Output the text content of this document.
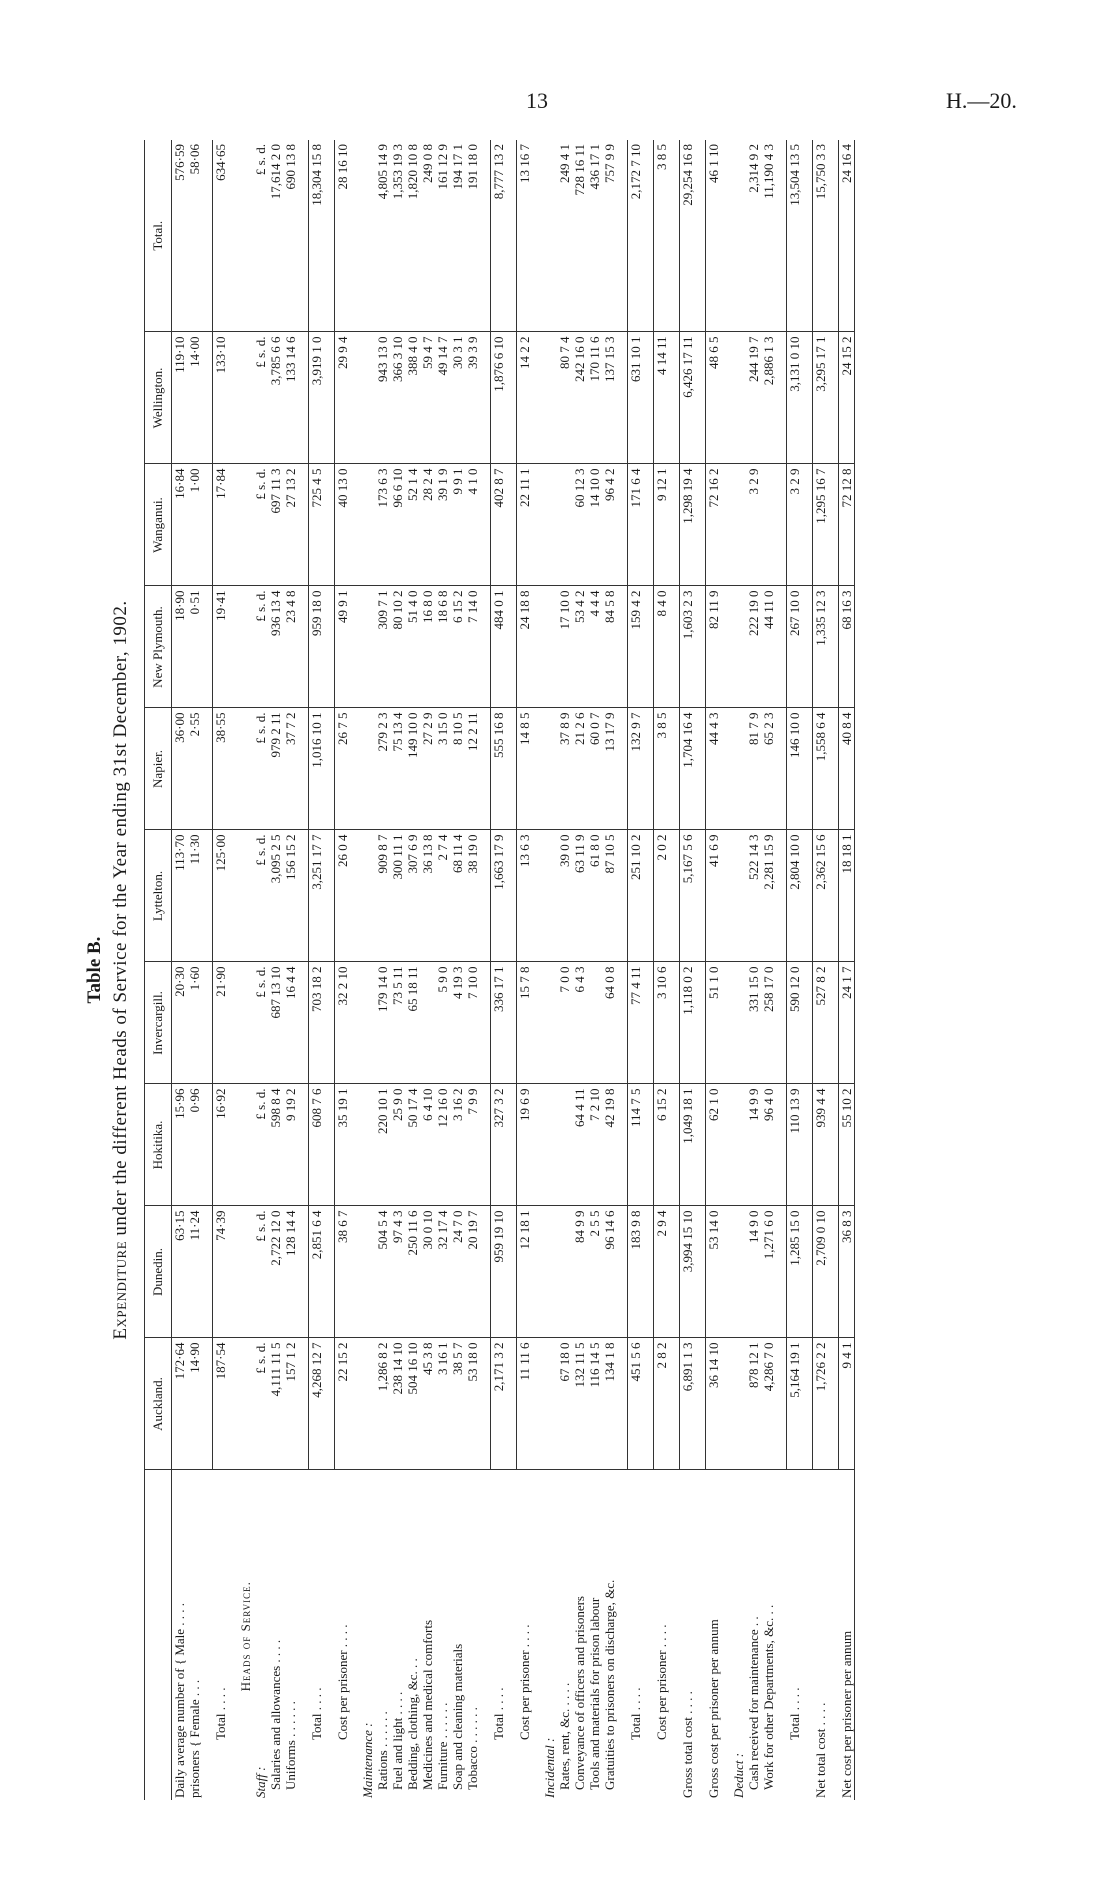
13	H.—20.
Table B.
Expenditure under the different Heads of Service for the Year ending 31st December, 1902.
	Auckland.	Dunedin.	Hokitika.	Invercargill.	Lyttelton.	Napier.	New Plymouth.	Wanganui.	Wellington.	Total.
Daily average number of { Male . . . .	172·64	63·15	15·96	20·30	113·70	36·00	18·90	16·84	119·10	576·59
prisoners { Female . . .	14·90	11·24	0·96	1·60	11·30	2·55	0·51	1·00	14·00	58·06

Total . . . .	187·54	74·39	16·92	21·90	125·00	38·55	19·41	17·84	133·10	634·65

Heads of Service.										
Staff :	£ s. d.	£ s. d.	£ s. d.	£ s. d.	£ s. d.	£ s. d.	£ s. d.	£ s. d.	£ s. d.	£ s. d.
Salaries and allowances . . . .	4,111 11 5	2,722 12 0	598 8 4	687 13 10	3,095 2 5	979 2 11	936 13 4	697 11 3	3,785 6 6	17,614 2 0
Uniforms . . . . . .	157 1 2	128 14 4	9 19 2	16 4 4	156 15 2	37 7 2	23 4 8	27 13 2	133 14 6	690 13 8

Total . . . .	4,268 12 7	2,851 6 4	608 7 6	703 18 2	3,251 17 7	1,016 10 1	959 18 0	725 4 5	3,919 1 0	18,304 15 8

Cost per prisoner . . . .	22 15 2	38 6 7	35 19 1	32 2 10	26 0 4	26 7 5	49 9 1	40 13 0	29 9 4	28 16 10

Maintenance :										
Rations . . . . . .	1,286 8 2	504 5 4	220 10 1	179 14 0	909 8 7	279 2 3	309 7 1	173 6 3	943 13 0	4,805 14 9
Fuel and light . . . .	238 14 10	97 4 3	25 9 0	73 5 11	300 11 1	75 13 4	80 10 2	96 6 10	366 3 10	1,353 19 3
Bedding, clothing, &c. . .	504 16 10	250 11 6	50 17 4	65 18 11	307 6 9	149 10 0	51 4 0	52 1 4	388 4 0	1,820 10 8
Medicines and medical comforts	45 3 8	30 0 10	6 4 10		36 13 8	27 2 9	16 8 0	28 2 4	59 4 7	249 0 8
Furniture . . . . . .	3 16 1	32 17 4	12 16 0	5 9 0	2 7 4	3 15 0	18 6 8	39 1 9	49 14 7	161 12 9
Soap and cleaning materials	38 5 7	24 7 0	3 16 2	4 19 3	68 11 4	8 10 5	6 15 2	9 9 1	30 3 1	194 17 1
Tobacco . . . . . .	53 18 0	20 19 7	7 9 9	7 10 0	38 19 0	12 2 11	7 14 0	4 1 0	39 3 9	191 18 0

Total . . . .	2,171 3 2	959 19 10	327 3 2	336 17 1	1,663 17 9	555 16 8	484 0 1	402 8 7	1,876 6 10	8,777 13 2

Cost per prisoner . . . .	11 11 6	12 18 1	19 6 9	15 7 8	13 6 3	14 8 5	24 18 8	22 11 1	14 2 2	13 16 7

Incidental :										
Rates, rent, &c. . . . .	67 18 0			7 0 0	39 0 0	37 8 9	17 10 0		80 7 4	249 4 1
Conveyance of officers and prisoners	132 11 5	84 9 9	64 4 11	6 4 3	63 11 9	21 2 6	53 4 2	60 12 3	242 16 0	728 16 11
Tools and materials for prison labour	116 14 5	2 5 5	7 2 10		61 8 0	60 0 7	4 4 4	14 10 0	170 11 6	436 17 1
Gratuities to prisoners on discharge, &c.	134 1 8	96 14 6	42 19 8	64 0 8	87 10 5	13 17 9	84 5 8	96 4 2	137 15 3	757 9 9

Total . . . .	451 5 6	183 9 8	114 7 5	77 4 11	251 10 2	132 9 7	159 4 2	171 6 4	631 10 1	2,172 7 10

Cost per prisoner . . . .	2 8 2	2 9 4	6 15 2	3 10 6	2 0 2	3 8 5	8 4 0	9 12 1	4 14 11	3 8 5

Gross total cost . . . .	6,891 1 3	3,994 15 10	1,049 18 1	1,118 0 2	5,167 5 6	1,704 16 4	1,603 2 3	1,298 19 4	6,426 17 11	29,254 16 8

Gross cost per prisoner per annum	36 14 10	53 14 0	62 1 0	51 1 0	41 6 9	44 4 3	82 11 9	72 16 2	48 6 5	46 1 10

Deduct :										
Cash received for maintenance . .	878 12 1	14 9 0	14 9 9	331 15 0	522 14 3	81 7 9	222 19 0	3 2 9	244 19 7	2,314 9 2
Work for other Departments, &c. . .	4,286 7 0	1,271 6 0	96 4 0	258 17 0	2,281 15 9	65 2 3	44 11 0		2,886 1 3	11,190 4 3

Total . . . .	5,164 19 1	1,285 15 0	110 13 9	590 12 0	2,804 10 0	146 10 0	267 10 0	3 2 9	3,131 0 10	13,504 13 5

Net total cost . . . .	1,726 2 2	2,709 0 10	939 4 4	527 8 2	2,362 15 6	1,558 6 4	1,335 12 3	1,295 16 7	3,295 17 1	15,750 3 3

Net cost per prisoner per annum	9 4 1	36 8 3	55 10 2	24 1 7	18 18 1	40 8 4	68 16 3	72 12 8	24 15 2	24 16 4
